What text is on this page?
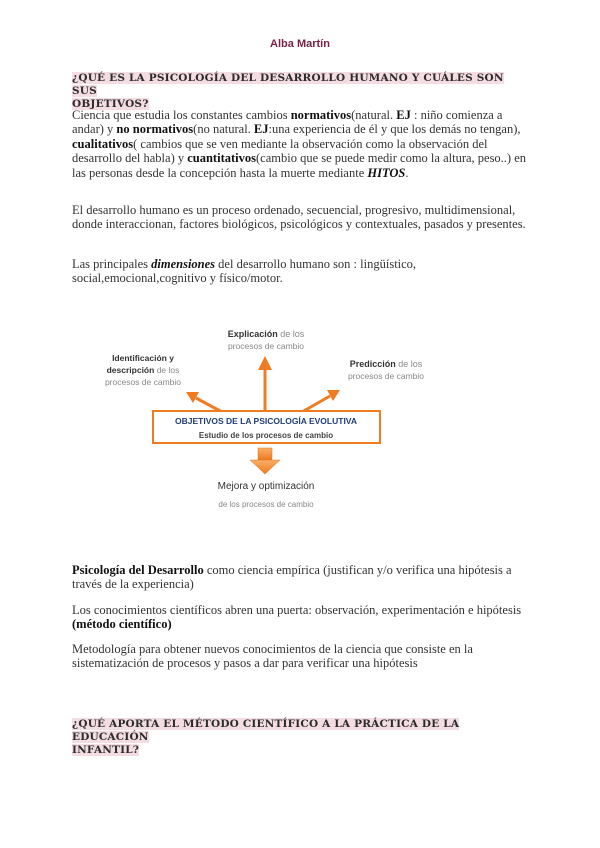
Alba Martín
¿QUÉ ES LA PSICOLOGÍA DEL DESARROLLO HUMANO Y CUÁLES SON SUS
OBJETIVOS?
Ciencia que estudia los constantes cambios normativos(natural. EJ : niño comienza a andar) y no normativos(no natural. EJ:una experiencia de él y que los demás no tengan), cualitativos( cambios que se ven mediante la observación como la observación del desarrollo del habla) y cuantitativos(cambio que se puede medir como la altura, peso..) en las personas desde la concepción hasta la muerte mediante HITOS.
El desarrollo humano es un proceso ordenado, secuencial, progresivo, multidimensional, donde interaccionan, factores biológicos, psicológicos y contextuales, pasados y presentes.
Las principales dimensiones del desarrollo humano son : lingüístico, social,emocional,cognitivo y físico/motor.
OBJETIVOS DE LA PSICOLOGÍA EVOLUTIVA
Estudio de los procesos de cambio
Explicación de los
procesos de cambio
Identificación y
descripción de los
procesos de cambio
Predicción de los
procesos de cambio
Mejora y optimización
de los procesos de cambio
Psicología del Desarrollo como ciencia empírica (justifican y/o verifica una hipótesis a través de la experiencia)
Los conocimientos científicos abren una puerta: observación, experimentación e hipótesis (método científico)
Metodología para obtener nuevos conocimientos de la ciencia que consiste en la sistematización de procesos y pasos a dar para verificar una hipótesis
¿QUÉ APORTA EL MÉTODO CIENTÍFICO A LA PRÁCTICA DE LA EDUCACIÓN
INFANTIL?
